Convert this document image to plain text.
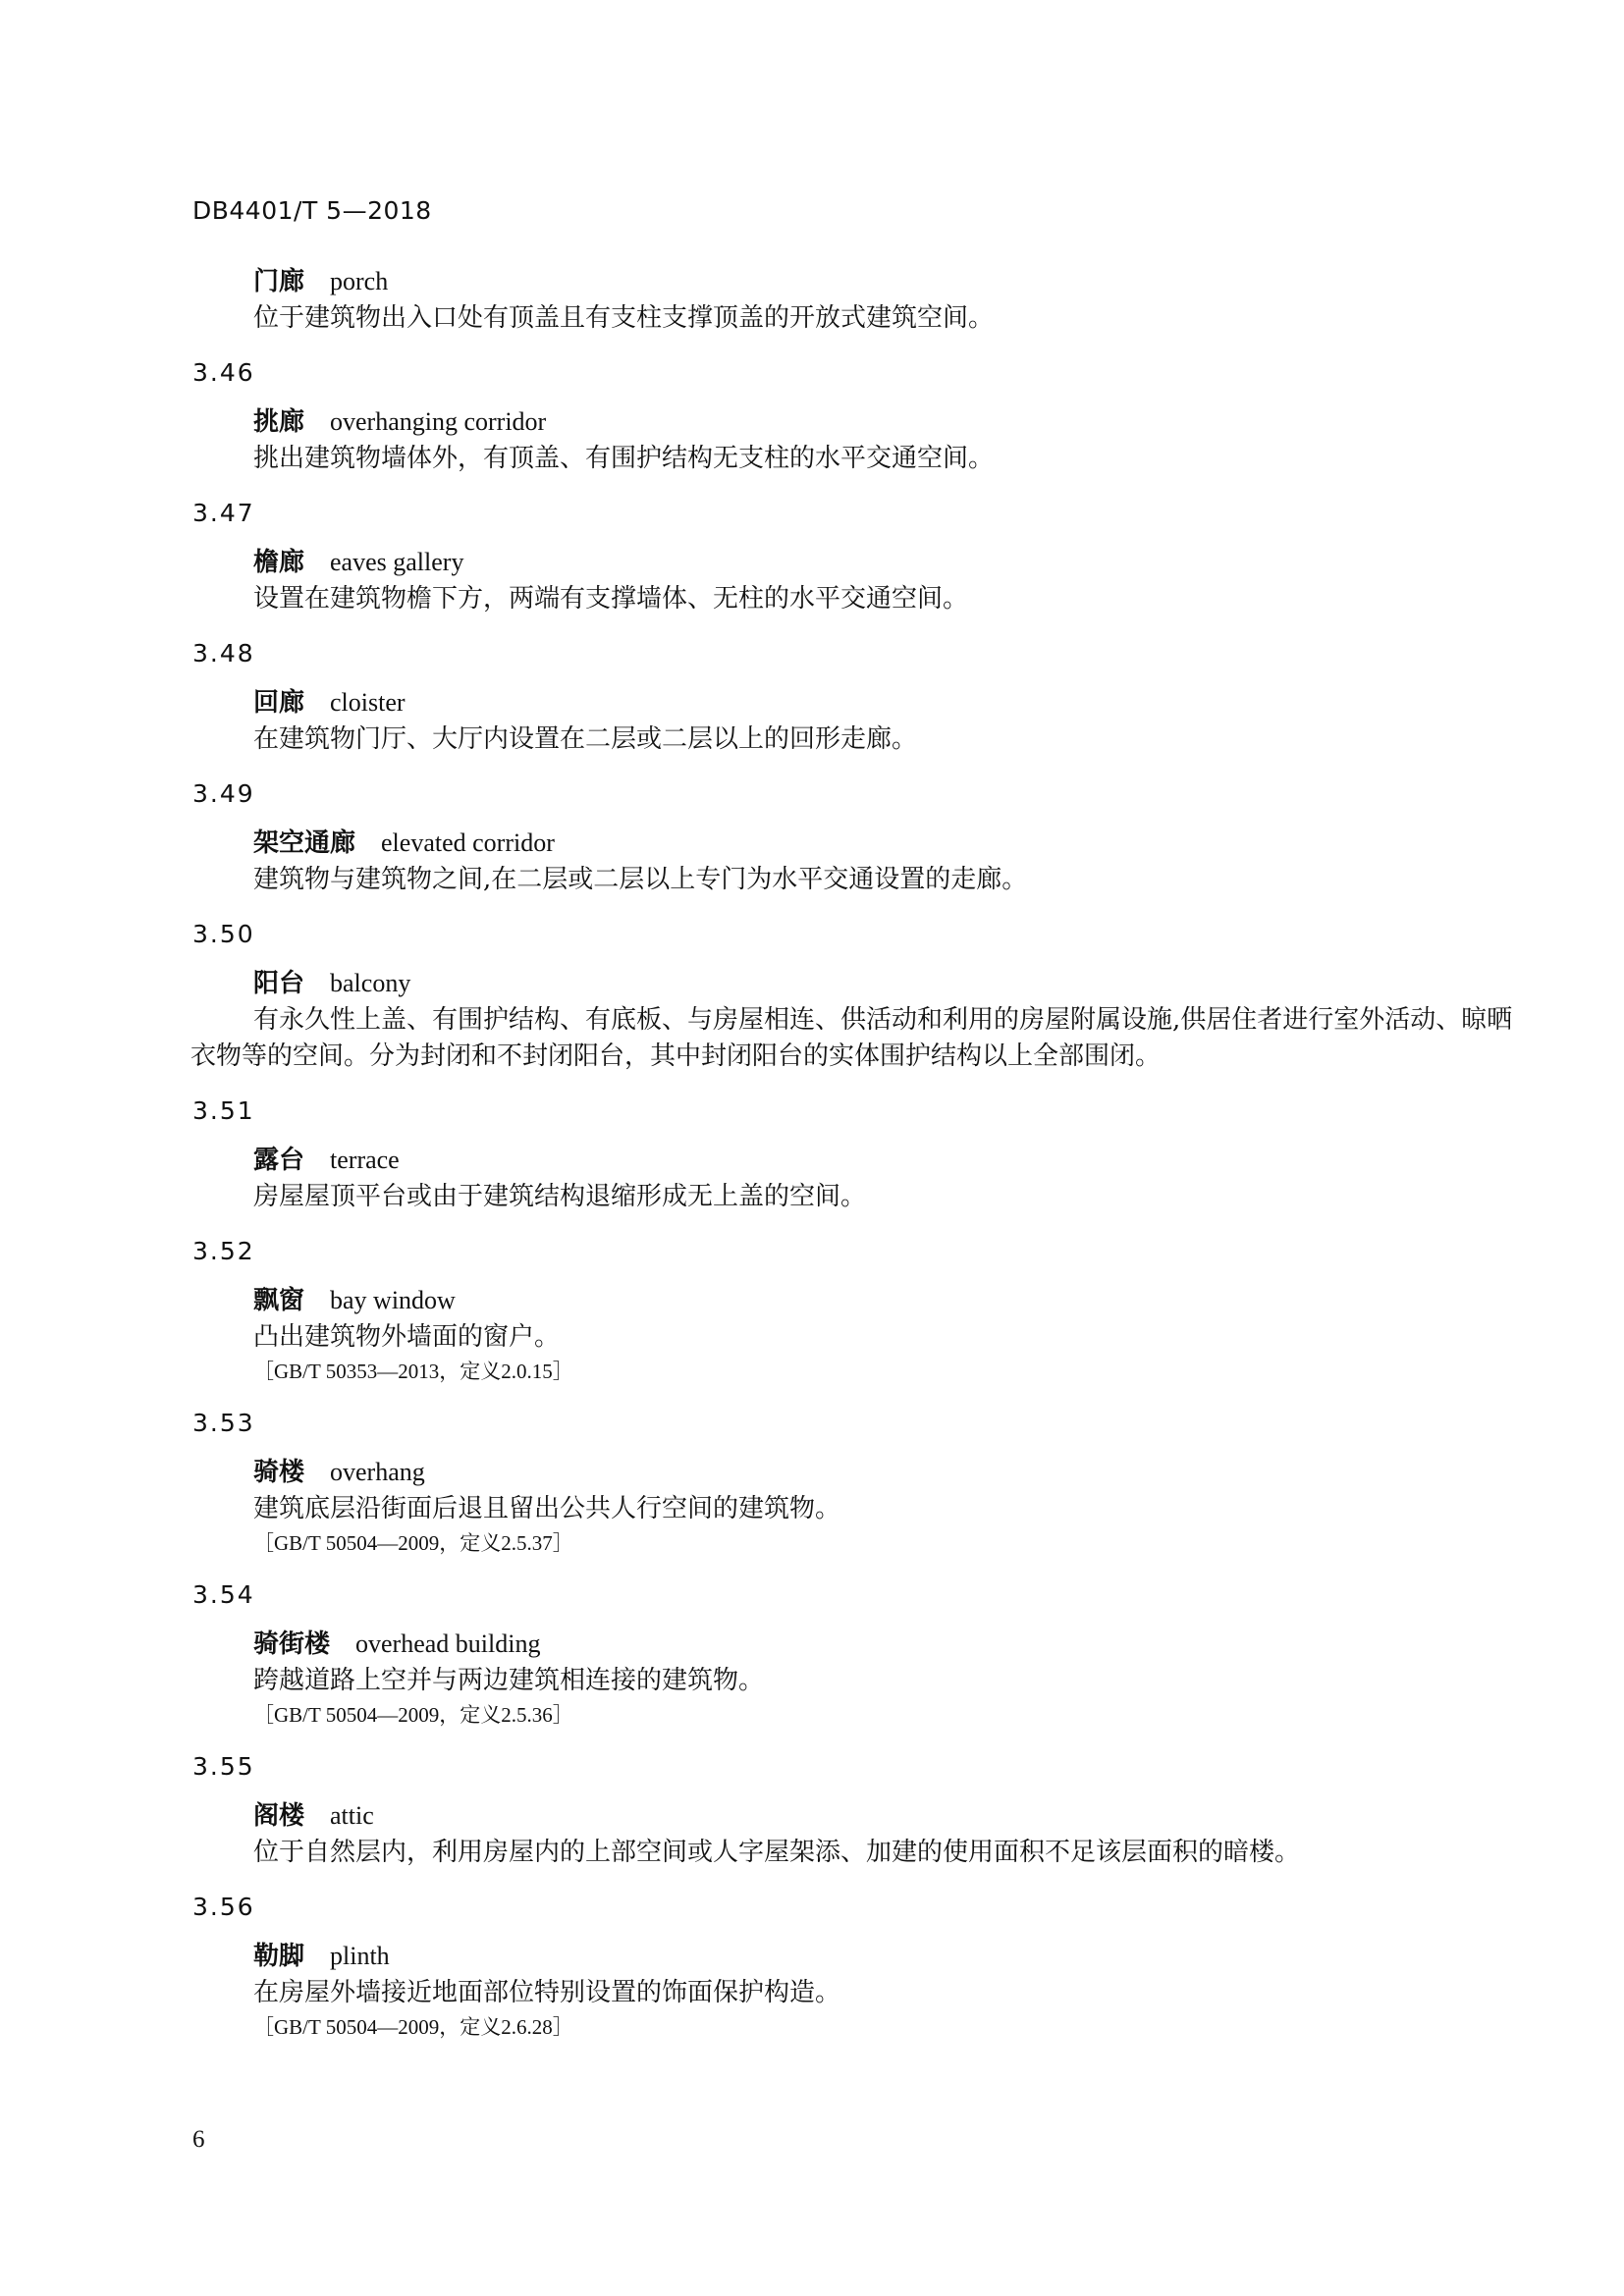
DB4401/T 5—2018
门廊 porch
位于建筑物出入口处有顶盖且有支柱支撑顶盖的开放式建筑空间。
3.46
挑廊 overhanging corridor
挑出建筑物墙体外，有顶盖、有围护结构无支柱的水平交通空间。
3.47
檐廊 eaves gallery
设置在建筑物檐下方，两端有支撑墙体、无柱的水平交通空间。
3.48
回廊 cloister
在建筑物门厅、大厅内设置在二层或二层以上的回形走廊。
3.49
架空通廊 elevated corridor
建筑物与建筑物之间,在二层或二层以上专门为水平交通设置的走廊。
3.50
阳台 balcony
有永久性上盖、有围护结构、有底板、与房屋相连、供活动和利用的房屋附属设施,供居住者进行室外活动、晾晒衣物等的空间。分为封闭和不封闭阳台，其中封闭阳台的实体围护结构以上全部围闭。
3.51
露台 terrace
房屋屋顶平台或由于建筑结构退缩形成无上盖的空间。
3.52
飘窗 bay window
凸出建筑物外墙面的窗户。
［GB/T 50353—2013，定义2.0.15］
3.53
骑楼 overhang
建筑底层沿街面后退且留出公共人行空间的建筑物。
［GB/T 50504—2009，定义2.5.37］
3.54
骑街楼 overhead building
跨越道路上空并与两边建筑相连接的建筑物。
［GB/T 50504—2009，定义2.5.36］
3.55
阁楼 attic
位于自然层内，利用房屋内的上部空间或人字屋架添、加建的使用面积不足该层面积的暗楼。
3.56
勒脚 plinth
在房屋外墙接近地面部位特别设置的饰面保护构造。
［GB/T 50504—2009，定义2.6.28］
6
